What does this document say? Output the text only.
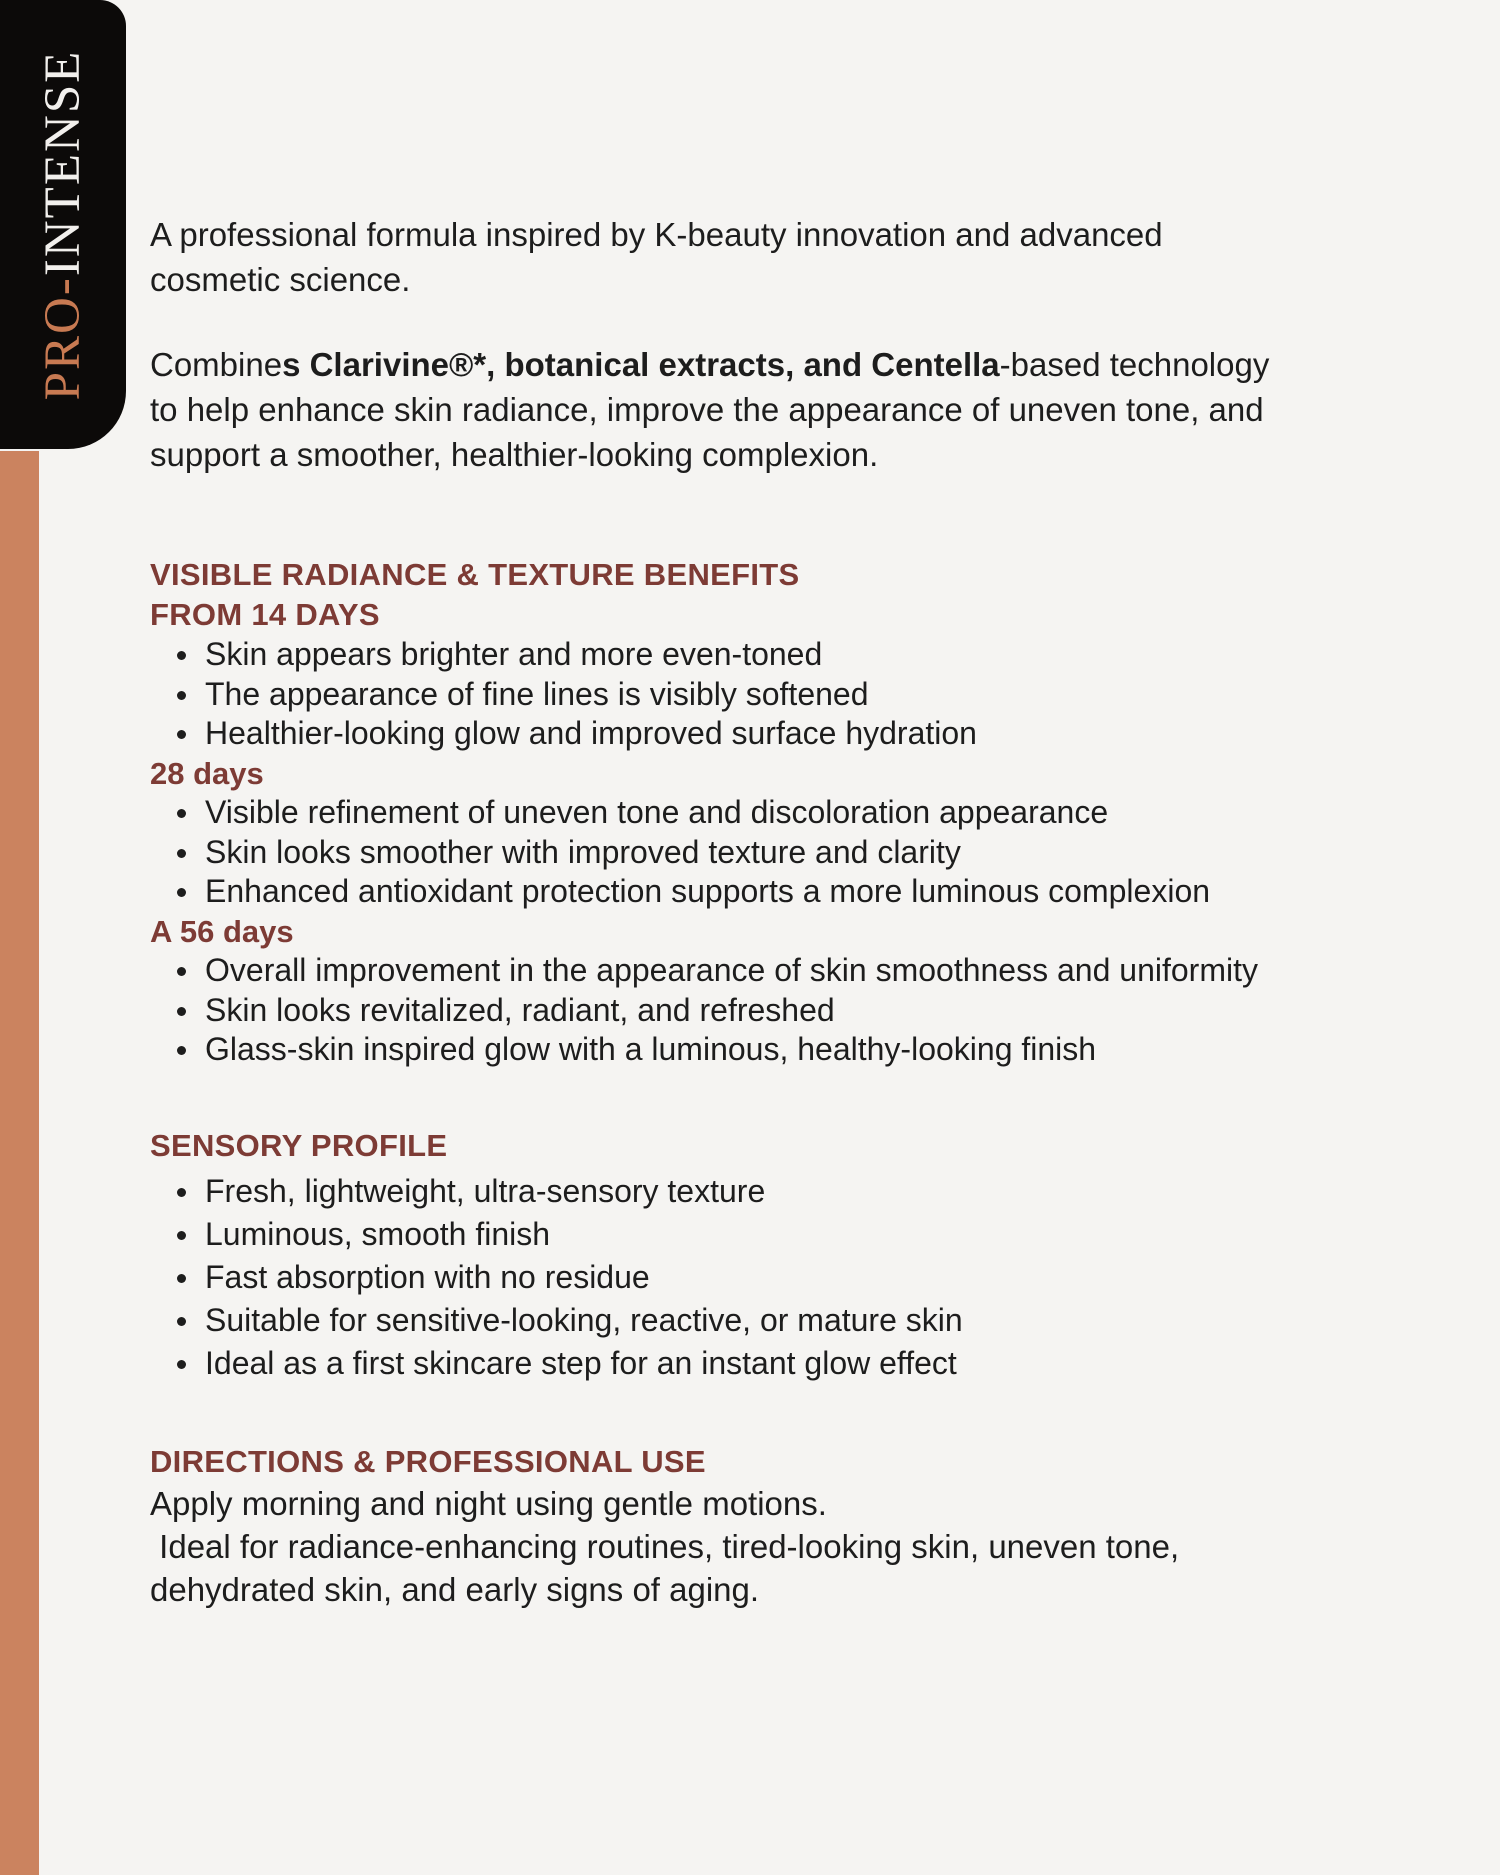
PRO-INTENSE A professional formula inspired by K-beauty innovation and advanced cosmetic science.

Combines Clarivine®*, botanical extracts, and Centella-based technology to help enhance skin radiance, improve the appearance of uneven tone, and support a smoother, healthier-looking complexion.

VISIBLE RADIANCE & TEXTURE BENEFITS
FROM 14 DAYS
Skin appears brighter and more even-toned
The appearance of fine lines is visibly softened
Healthier-looking glow and improved surface hydration
28 days
Visible refinement of uneven tone and discoloration appearance
Skin looks smoother with improved texture and clarity
Enhanced antioxidant protection supports a more luminous complexion
A 56 days
Overall improvement in the appearance of skin smoothness and uniformity
Skin looks revitalized, radiant, and refreshed
Glass-skin inspired glow with a luminous, healthy-looking finish
SENSORY PROFILE
Fresh, lightweight, ultra-sensory texture
Luminous, smooth finish
Fast absorption with no residue
Suitable for sensitive-looking, reactive, or mature skin
Ideal as a first skincare step for an instant glow effect
DIRECTIONS & PROFESSIONAL USE

Apply morning and night using gentle motions.

Ideal for radiance-enhancing routines, tired-looking skin, uneven tone, dehydrated skin, and early signs of aging.
